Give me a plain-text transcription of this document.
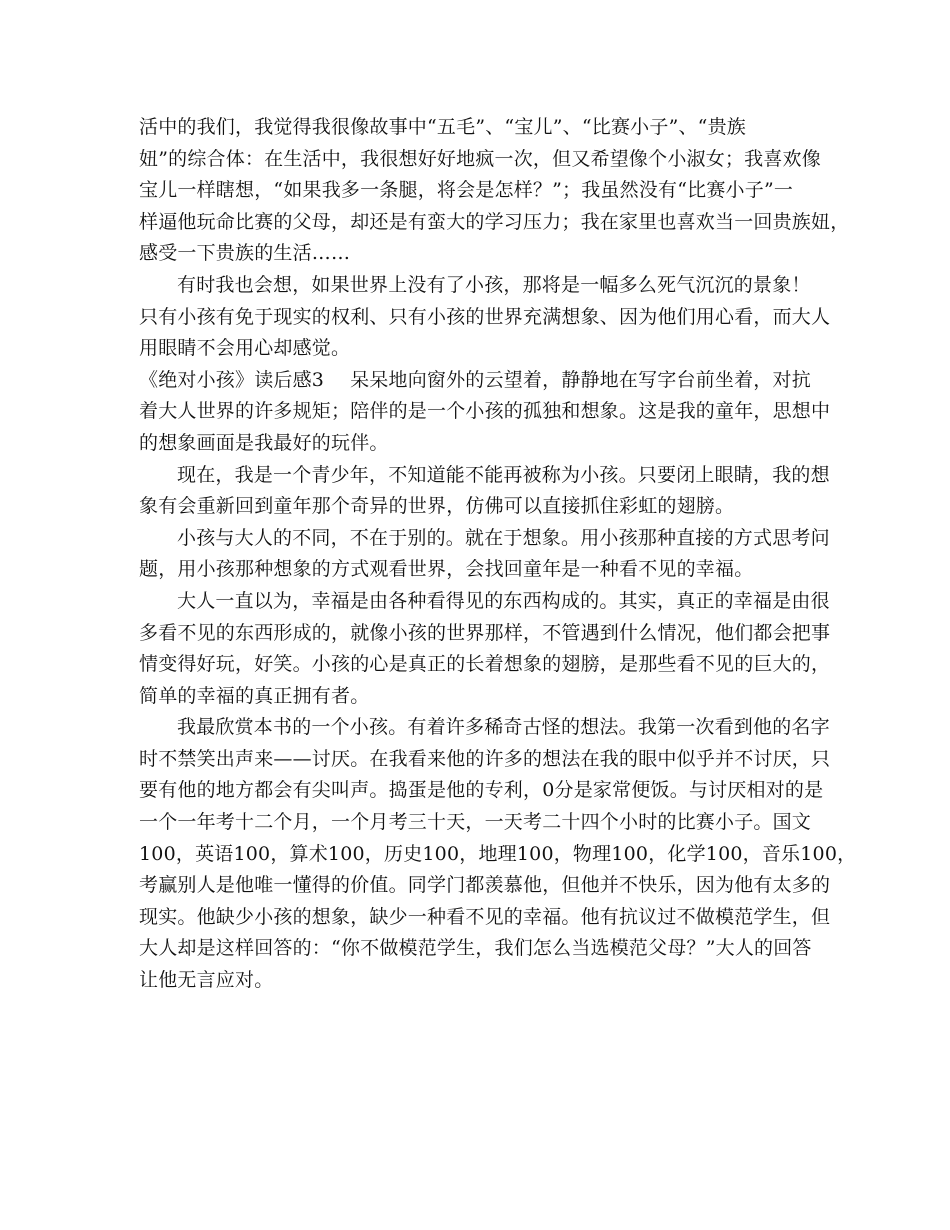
活中的我们，我觉得我很像故事中“五毛”、“宝儿”、“比赛小子”、“贵族
妞”的综合体：在生活中，我很想好好地疯一次，但又希望像个小淑女；我喜欢像
宝儿一样瞎想，“如果我多一条腿，将会是怎样？”；我虽然没有“比赛小子”一
样逼他玩命比赛的父母，却还是有蛮大的学习压力；我在家里也喜欢当一回贵族妞，
感受一下贵族的生活……
有时我也会想，如果世界上没有了小孩，那将是一幅多么死气沉沉的景象！
只有小孩有免于现实的权利、只有小孩的世界充满想象、因为他们用心看，而大人
用眼睛不会用心却感觉。
《绝对小孩》读后感3 呆呆地向窗外的云望着，静静地在写字台前坐着，对抗
着大人世界的许多规矩；陪伴的是一个小孩的孤独和想象。这是我的童年，思想中
的想象画面是我最好的玩伴。
现在，我是一个青少年，不知道能不能再被称为小孩。只要闭上眼睛，我的想
象有会重新回到童年那个奇异的世界，仿佛可以直接抓住彩虹的翅膀。
小孩与大人的不同，不在于别的。就在于想象。用小孩那种直接的方式思考问
题，用小孩那种想象的方式观看世界，会找回童年是一种看不见的幸福。
大人一直以为，幸福是由各种看得见的东西构成的。其实，真正的幸福是由很
多看不见的东西形成的，就像小孩的世界那样，不管遇到什么情况，他们都会把事
情变得好玩，好笑。小孩的心是真正的长着想象的翅膀，是那些看不见的巨大的，
简单的幸福的真正拥有者。
我最欣赏本书的一个小孩。有着许多稀奇古怪的想法。我第一次看到他的名字
时不禁笑出声来——讨厌。在我看来他的许多的想法在我的眼中似乎并不讨厌，只
要有他的地方都会有尖叫声。捣蛋是他的专利，0分是家常便饭。与讨厌相对的是
一个一年考十二个月，一个月考三十天，一天考二十四个小时的比赛小子。国文
100，英语100，算术100，历史100，地理100，物理100，化学100，音乐100，
考赢别人是他唯一懂得的价值。同学门都羡慕他，但他并不快乐，因为他有太多的
现实。他缺少小孩的想象，缺少一种看不见的幸福。他有抗议过不做模范学生，但
大人却是这样回答的：“你不做模范学生，我们怎么当选模范父母？”大人的回答
让他无言应对。
